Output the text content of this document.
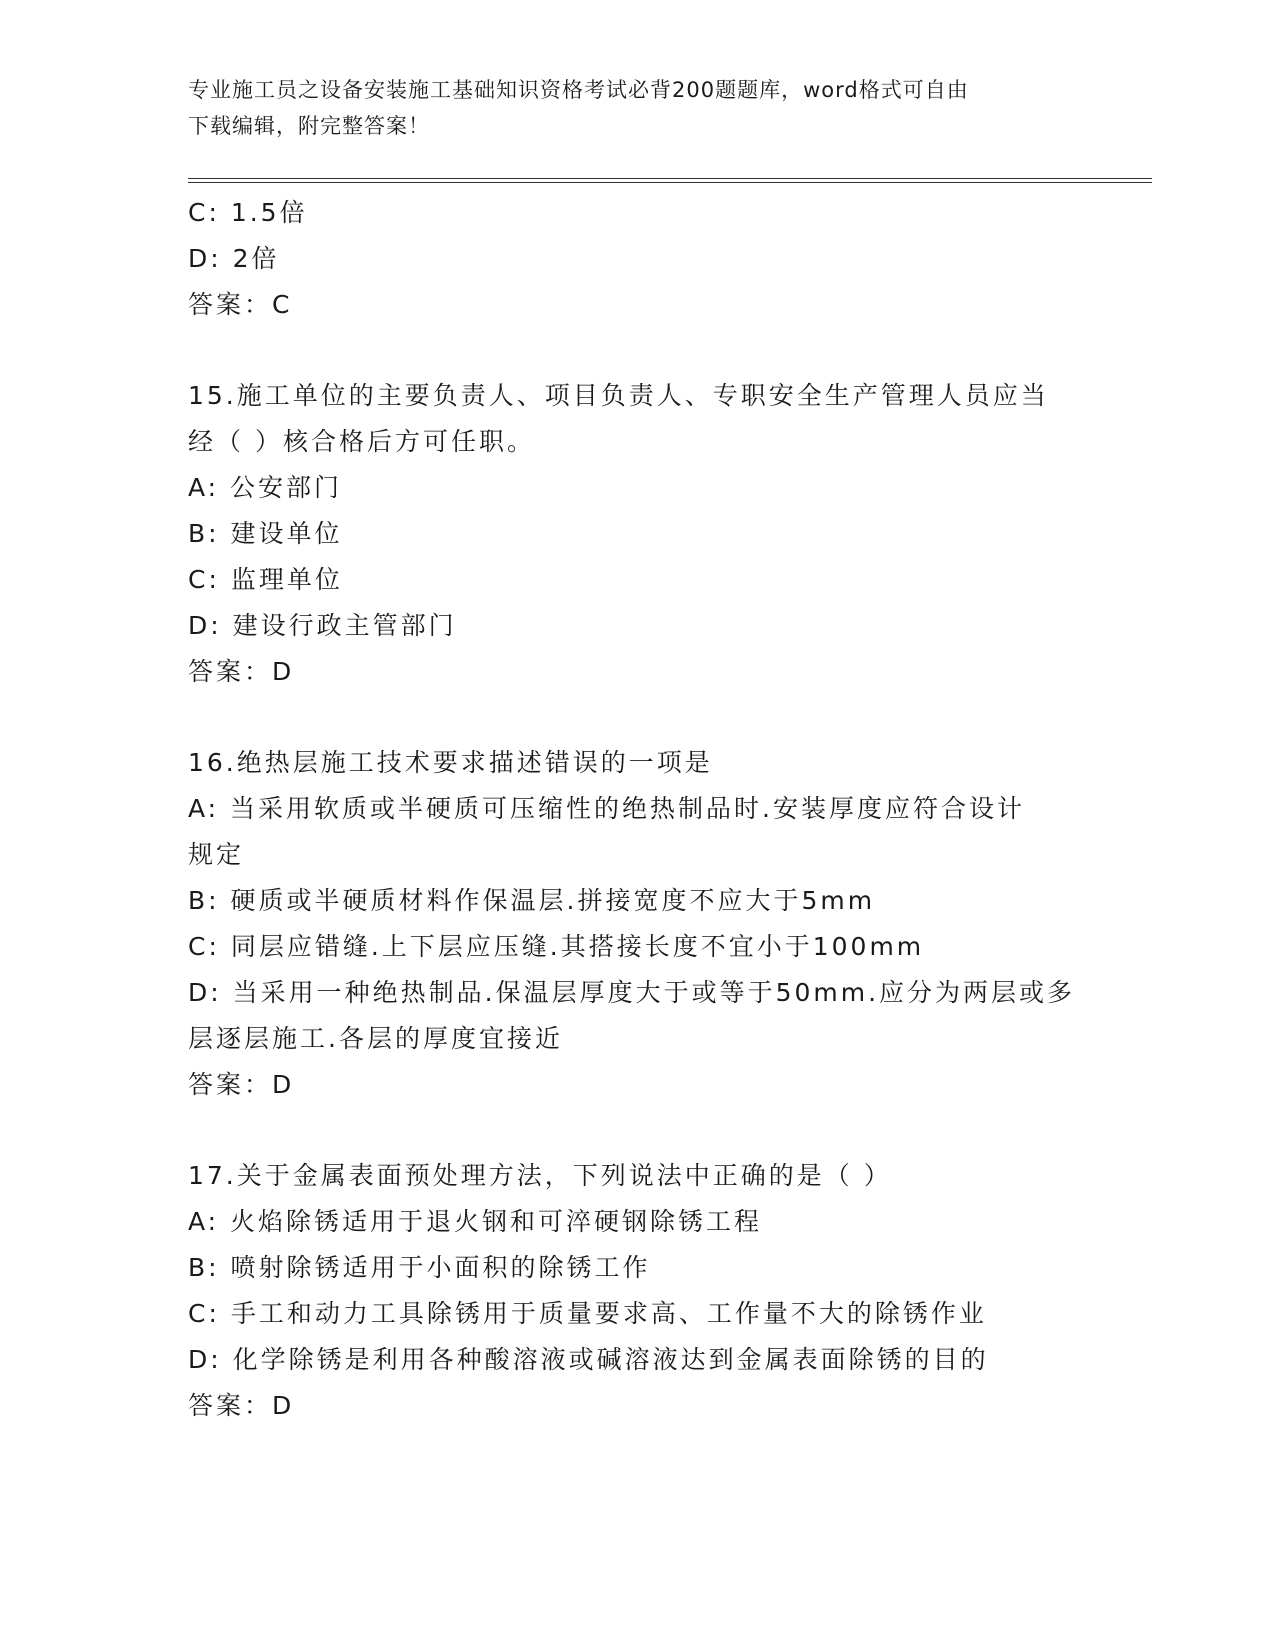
专业施工员之设备安装施工基础知识资格考试必背200题题库，word格式可自由
下载编辑，附完整答案！
C: 1.5倍
D: 2倍
答案：C
15.施工单位的主要负责人、项目负责人、专职安全生产管理人员应当
经（ ）核合格后方可任职。
A: 公安部门
B: 建设单位
C: 监理单位
D: 建设行政主管部门
答案：D
16.绝热层施工技术要求描述错误的一项是
A: 当采用软质或半硬质可压缩性的绝热制品时.安装厚度应符合设计
规定
B: 硬质或半硬质材料作保温层.拼接宽度不应大于5mm
C: 同层应错缝.上下层应压缝.其搭接长度不宜小于100mm
D: 当采用一种绝热制品.保温层厚度大于或等于50mm.应分为两层或多
层逐层施工.各层的厚度宜接近
答案：D
17.关于金属表面预处理方法，下列说法中正确的是（ ）
A: 火焰除锈适用于退火钢和可淬硬钢除锈工程
B: 喷射除锈适用于小面积的除锈工作
C: 手工和动力工具除锈用于质量要求高、工作量不大的除锈作业
D: 化学除锈是利用各种酸溶液或碱溶液达到金属表面除锈的目的
答案：D
